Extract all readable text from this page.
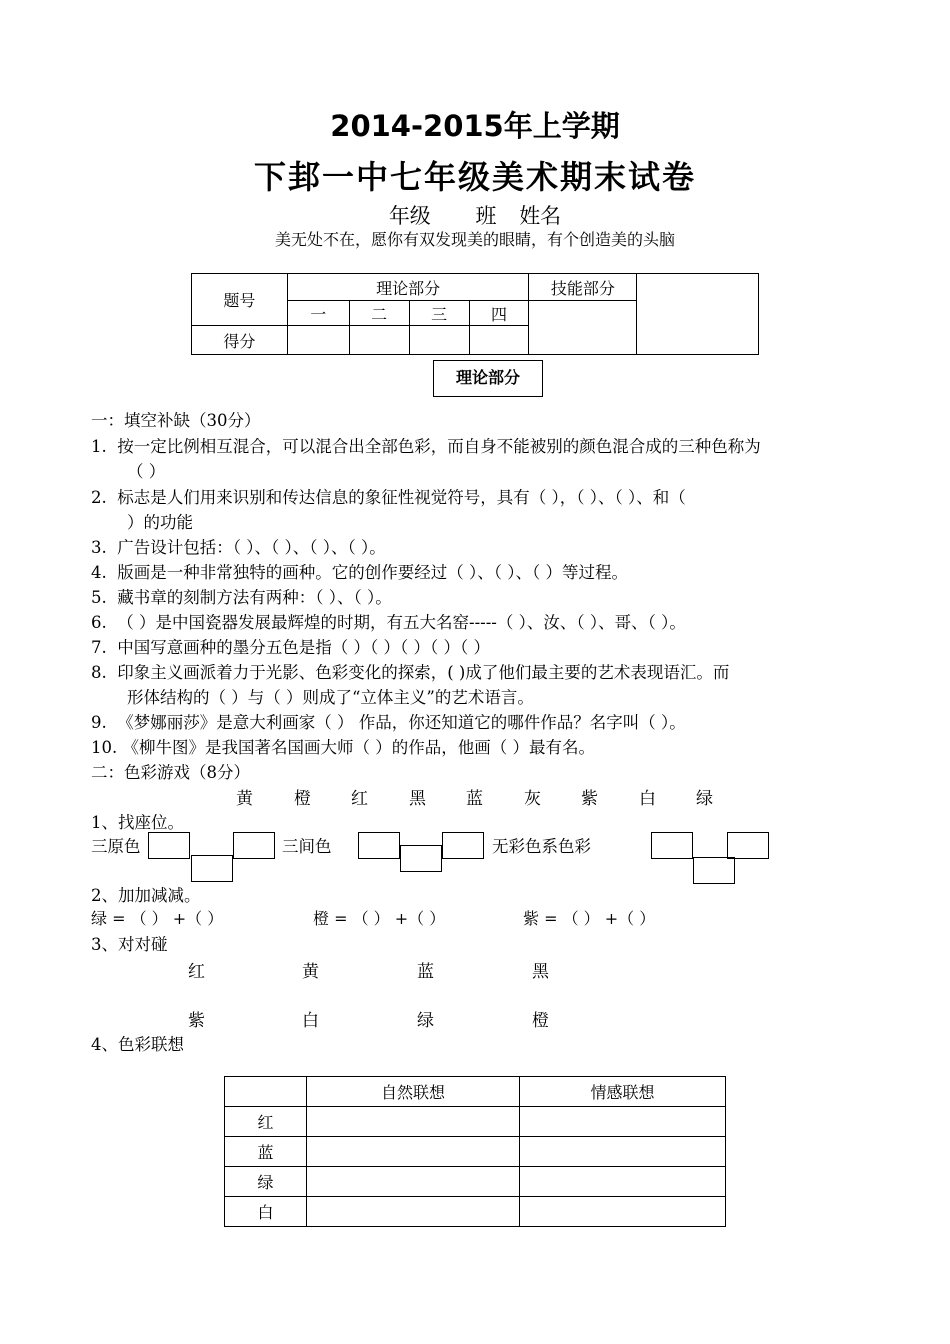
2014-2015年上学期
下邽一中七年级美术期末试卷
年级 班 姓名
美无处不在，愿你有双发现美的眼睛，有个创造美的头脑
题号	理论部分				技能部分	
	一	二	三	四		
得分						
理论部分
一：填空补缺（30分）
1. 按一定比例相互混合，可以混合出全部色彩，而自身不能被别的颜色混合成的三种色称为
（ ）
2. 标志是人们用来识别和传达信息的象征性视觉符号，具有（ ），（ ）、（ ）、和（
）的功能
3. 广告设计包括：（ ）、（ ）、（ ）、（ ）。
4. 版画是一种非常独特的画种。它的创作要经过（ ）、（ ）、（ ）等过程。
5. 藏书章的刻制方法有两种：（ ）、（ ）。
6. （ ）是中国瓷器发展最辉煌的时期，有五大名窑-----（ ）、汝、（ ）、哥、（ ）。
7. 中国写意画种的墨分五色是指（ ）（ ）（ ）（ ）（ ）
8. 印象主义画派着力于光影、色彩变化的探索，( )成了他们最主要的艺术表现语汇。而
形体结构的（ ）与（ ）则成了“立体主义”的艺术语言。
9. 《梦娜丽莎》是意大利画家（ ） 作品，你还知道它的哪件作品？名字叫（ ）。
10. 《柳牛图》是我国著名国画大师（ ）的作品，他画（ ）最有名。
二：色彩游戏（8分）
黄 橙 红 黑 蓝 灰 紫 白 绿
1、找座位。
三原色	三间色	无彩色系色彩
2、加加减减。
绿 = （ ） +（ ）	橙 = （ ） +（ ）	紫 = （ ） +（ ）
3、对对碰
红	黄	蓝	黑
紫	白	绿	橙
4、色彩联想
	自然联想	情感联想
红		
蓝		
绿		
白		
